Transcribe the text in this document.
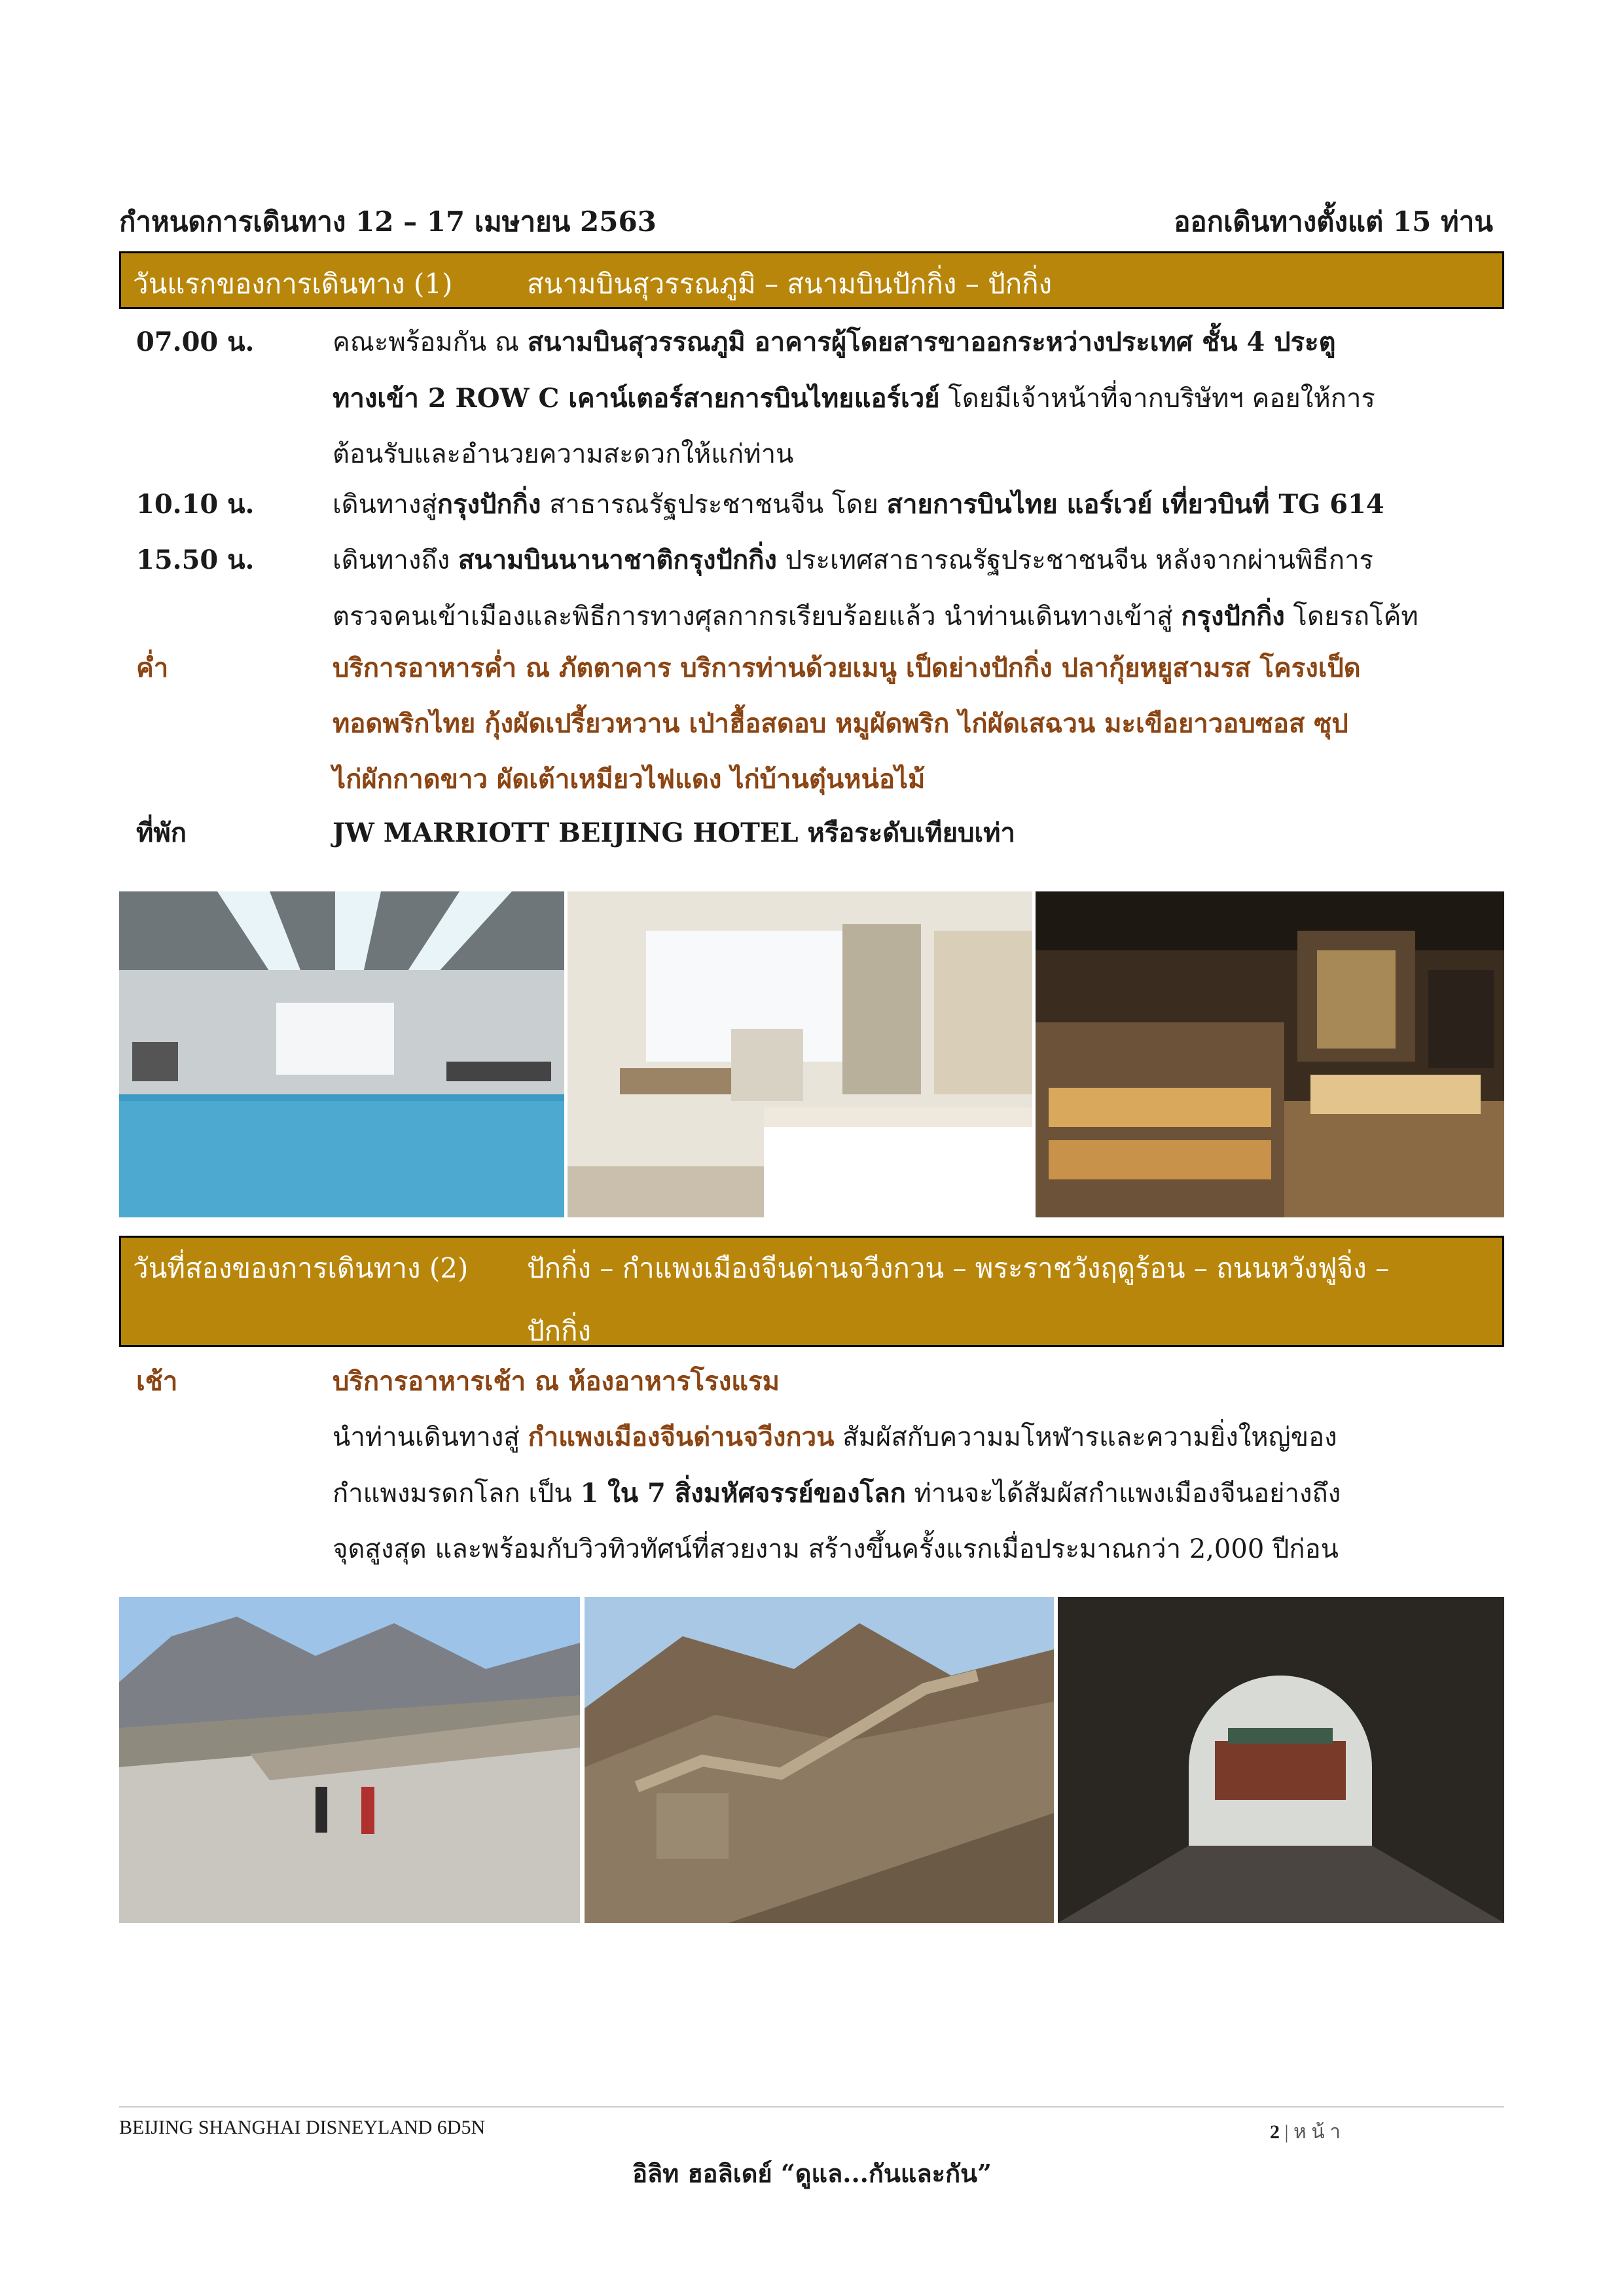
กำหนดการเดินทาง 12 – 17 เมษายน 2563	ออกเดินทางตั้งแต่ 15 ท่าน
วันแรกของการเดินทาง (1)	สนามบินสุวรรณภูมิ – สนามบินปักกิ่ง – ปักกิ่ง
07.00 น.	คณะพร้อมกัน ณ สนามบินสุวรรณภูมิ อาคารผู้โดยสารขาออกระหว่างประเทศ ชั้น 4 ประตู
ทางเข้า 2 ROW C เคาน์เตอร์สายการบินไทยแอร์เวย์ โดยมีเจ้าหน้าที่จากบริษัทฯ คอยให้การ
ต้อนรับและอำนวยความสะดวกให้แก่ท่าน
10.10 น.	เดินทางสู่กรุงปักกิ่ง สาธารณรัฐประชาชนจีน โดย สายการบินไทย แอร์เวย์ เที่ยวบินที่ TG 614
15.50 น.	เดินทางถึง สนามบินนานาชาติกรุงปักกิ่ง ประเทศสาธารณรัฐประชาชนจีน หลังจากผ่านพิธีการ
ตรวจคนเข้าเมืองและพิธีการทางศุลกากรเรียบร้อยแล้ว นำท่านเดินทางเข้าสู่ กรุงปักกิ่ง โดยรถโค้ท
ค่ำ	บริการอาหารค่ำ ณ ภัตตาคาร บริการท่านด้วยเมนู เป็ดย่างปักกิ่ง ปลากุ้ยหยูสามรส โครงเป็ด
ทอดพริกไทย กุ้งผัดเปรี้ยวหวาน เป่าฮื้อสดอบ หมูผัดพริก ไก่ผัดเสฉวน มะเขือยาวอบซอส ซุป
ไก่ผักกาดขาว ผัดเต้าเหมียวไฟแดง ไก่บ้านตุ๋นหน่อไม้
ที่พัก	JW MARRIOTT BEIJING HOTEL หรือระดับเทียบเท่า
วันที่สองของการเดินทาง (2) ปักกิ่ง – กำแพงเมืองจีนด่านจวีงกวน – พระราชวังฤดูร้อน – ถนนหวังฟูจิ่ง –
ปักกิ่ง
เช้า	บริการอาหารเช้า ณ ห้องอาหารโรงแรม
นำท่านเดินทางสู่ กำแพงเมืองจีนด่านจวีงกวน สัมผัสกับความมโหฬารและความยิ่งใหญ่ของ
กำแพงมรดกโลก เป็น 1 ใน 7 สิ่งมหัศจรรย์ของโลก ท่านจะได้สัมผัสกำแพงเมืองจีนอย่างถึง
จุดสูงสุด และพร้อมกับวิวทิวทัศน์ที่สวยงาม สร้างขึ้นครั้งแรกเมื่อประมาณกว่า 2,000 ปีก่อน
BEIJING SHANGHAI DISNEYLAND 6D5N	2 | ห น้ า
อิลิท ฮอลิเดย์ “ดูแล...กันและกัน”
